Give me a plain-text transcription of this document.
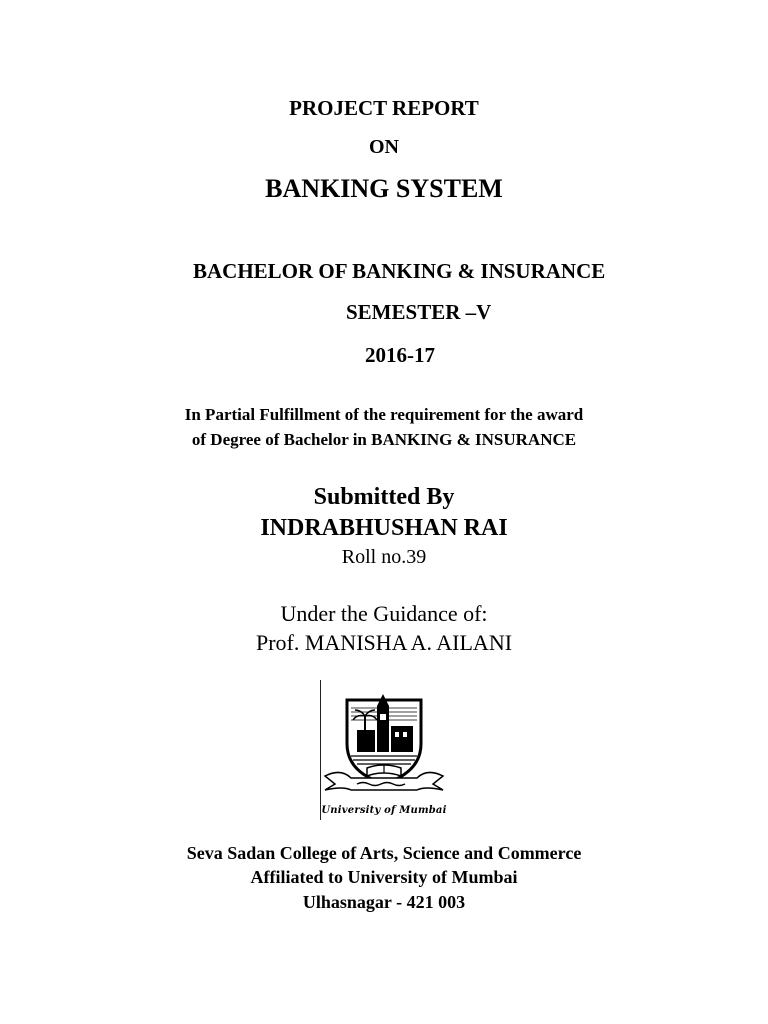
PROJECT REPORT
ON
BANKING SYSTEM
BACHELOR OF BANKING & INSURANCE
SEMESTER –V
2016-17
In Partial Fulfillment of the requirement for the award
of Degree of Bachelor in BANKING & INSURANCE
Submitted By
INDRABHUSHAN RAI
Roll no.39
Under the Guidance of:
Prof. MANISHA A. AILANI
University of Mumbai
Seva Sadan College of Arts, Science and Commerce
Affiliated to University of Mumbai
Ulhasnagar - 421 003
